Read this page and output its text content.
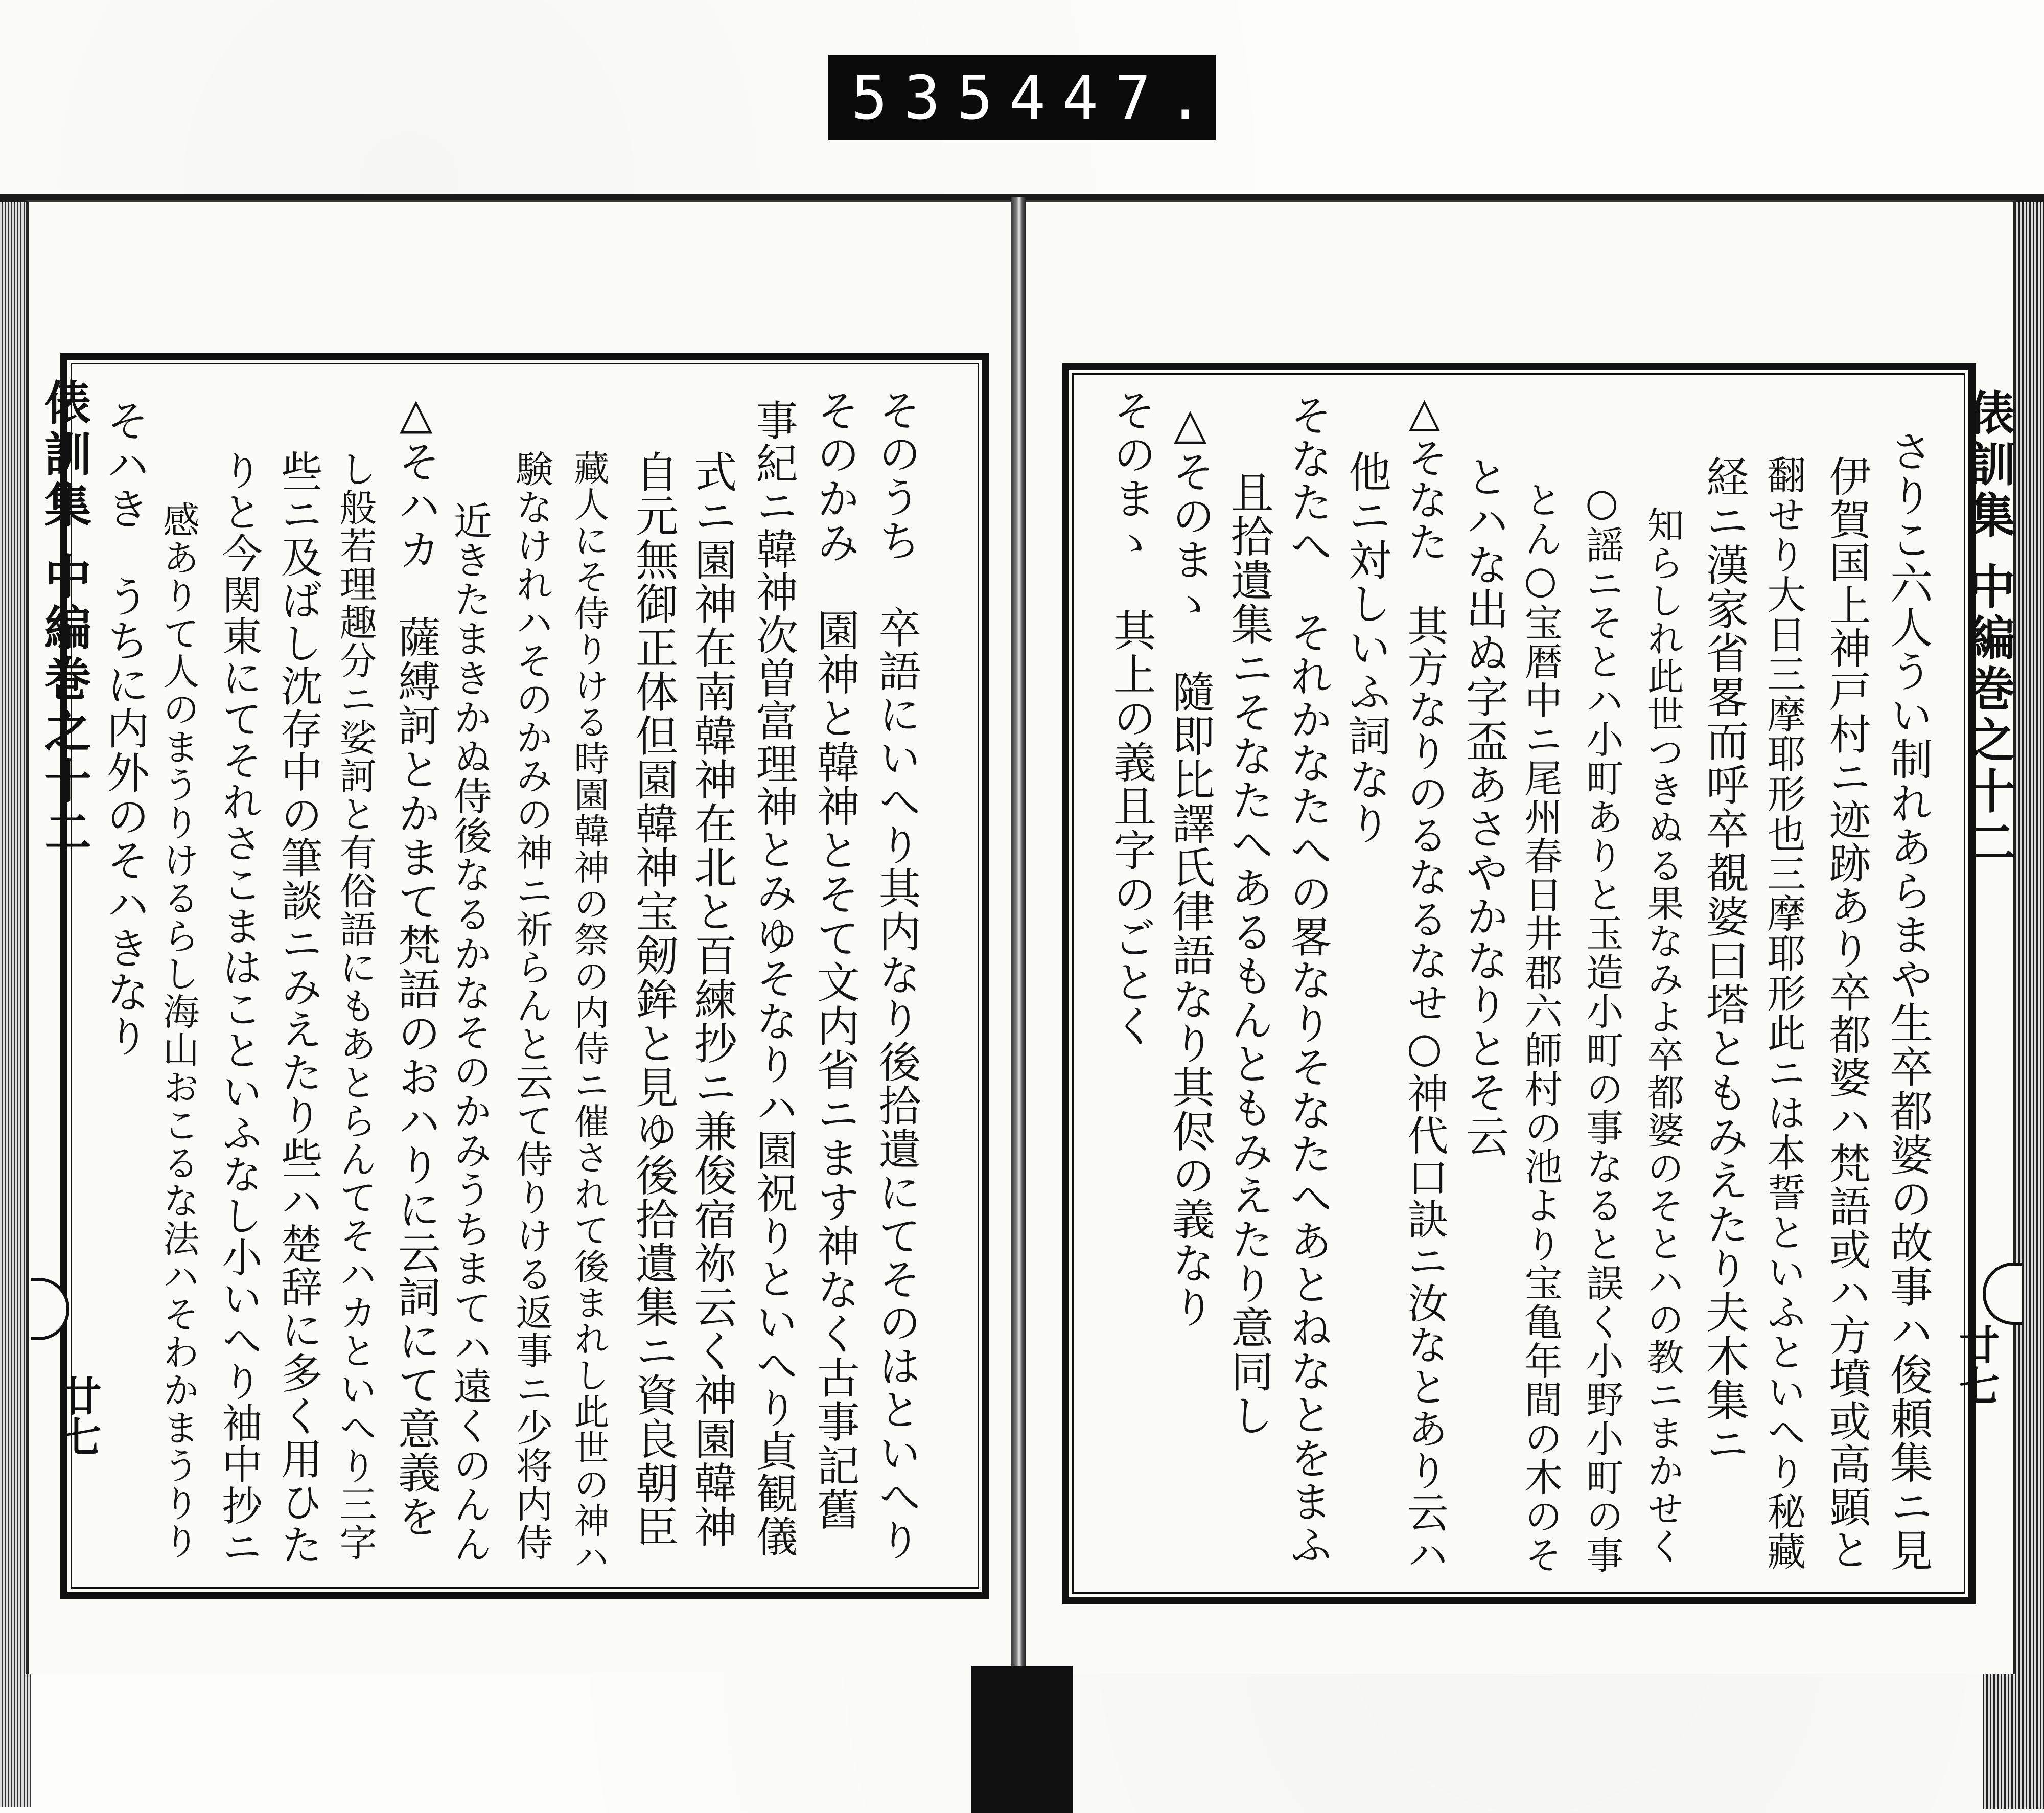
535 447.
俵訓集 中編巻之十二
廿七	そのうち　卒語にいへり其内なり後拾遺にてそのはといへり
そのかみ　園神と韓神とそて文内省ニます神なく古事記舊
事紀ニ韓神次曽富理神とみゆそなりハ園祝りといへり貞観儀
式ニ園神在南韓神在北と百練抄ニ兼俊宿祢云く神園韓神
自元無御正体但園韓神宝剱鉾と見ゆ後拾遺集ニ資良朝臣
藏人にそ侍りける時園韓神の祭の内侍ニ催されて後まれし此世の神ハ
験なけれハそのかみの神ニ祈らんと云て侍りける返事ニ少将内侍
近きたまきかぬ侍後なるかなそのかみうちまてハ遠くのんん
△そハカ　薩縛訶とかまて梵語のおハりに云詞にて意義を
し般若理趣分ニ娑訶と有俗語にもあとらんてそハカといへり三字
些ニ及ばし沈存中の筆談ニみえたり些ハ楚辞に多く用ひた
りと今関東にてそれさこまはこといふなし小いへり袖中抄ニ
感ありて人のまうりけるらし海山おこるな法ハそわかまうりり
そハき　うちに内外のそハきなり	俵訓集 中編巻之十二
廿七
さりこ六人うい制れあらまや生卒都婆の故事ハ俊頼集ニ見
伊賀国上神戸村ニ迹跡あり卒都婆ハ梵語或ハ方墳或高顕と
翻せり大日三摩耶形也三摩耶形此ニは本誓といふといへり秘藏
経ニ漢家省畧而呼卒覩婆曰塔ともみえたり夫木集ニ
知らしれ此世つきぬる果なみよ卒都婆のそとハの教ニまかせく
○謡ニそとハ小町ありと玉造小町の事なると誤く小野小町の事
とん○宝暦中ニ尾州春日井郡六師村の池より宝亀年間の木のそ
とハな出ぬ字盃あさやかなりとそ云
△そなた　其方なりのるなるなせ○神代口訣ニ汝なとあり云ハ
他ニ対しいふ詞なり
そなたへ　それかなたへの畧なりそなたへあとねなとをまふ
且拾遺集ニそなたへあるもんともみえたり意同し
△そのまゝ　隨即比譯氏律語なり其侭の義なり
そのまゝ　其上の義且字のごとく
